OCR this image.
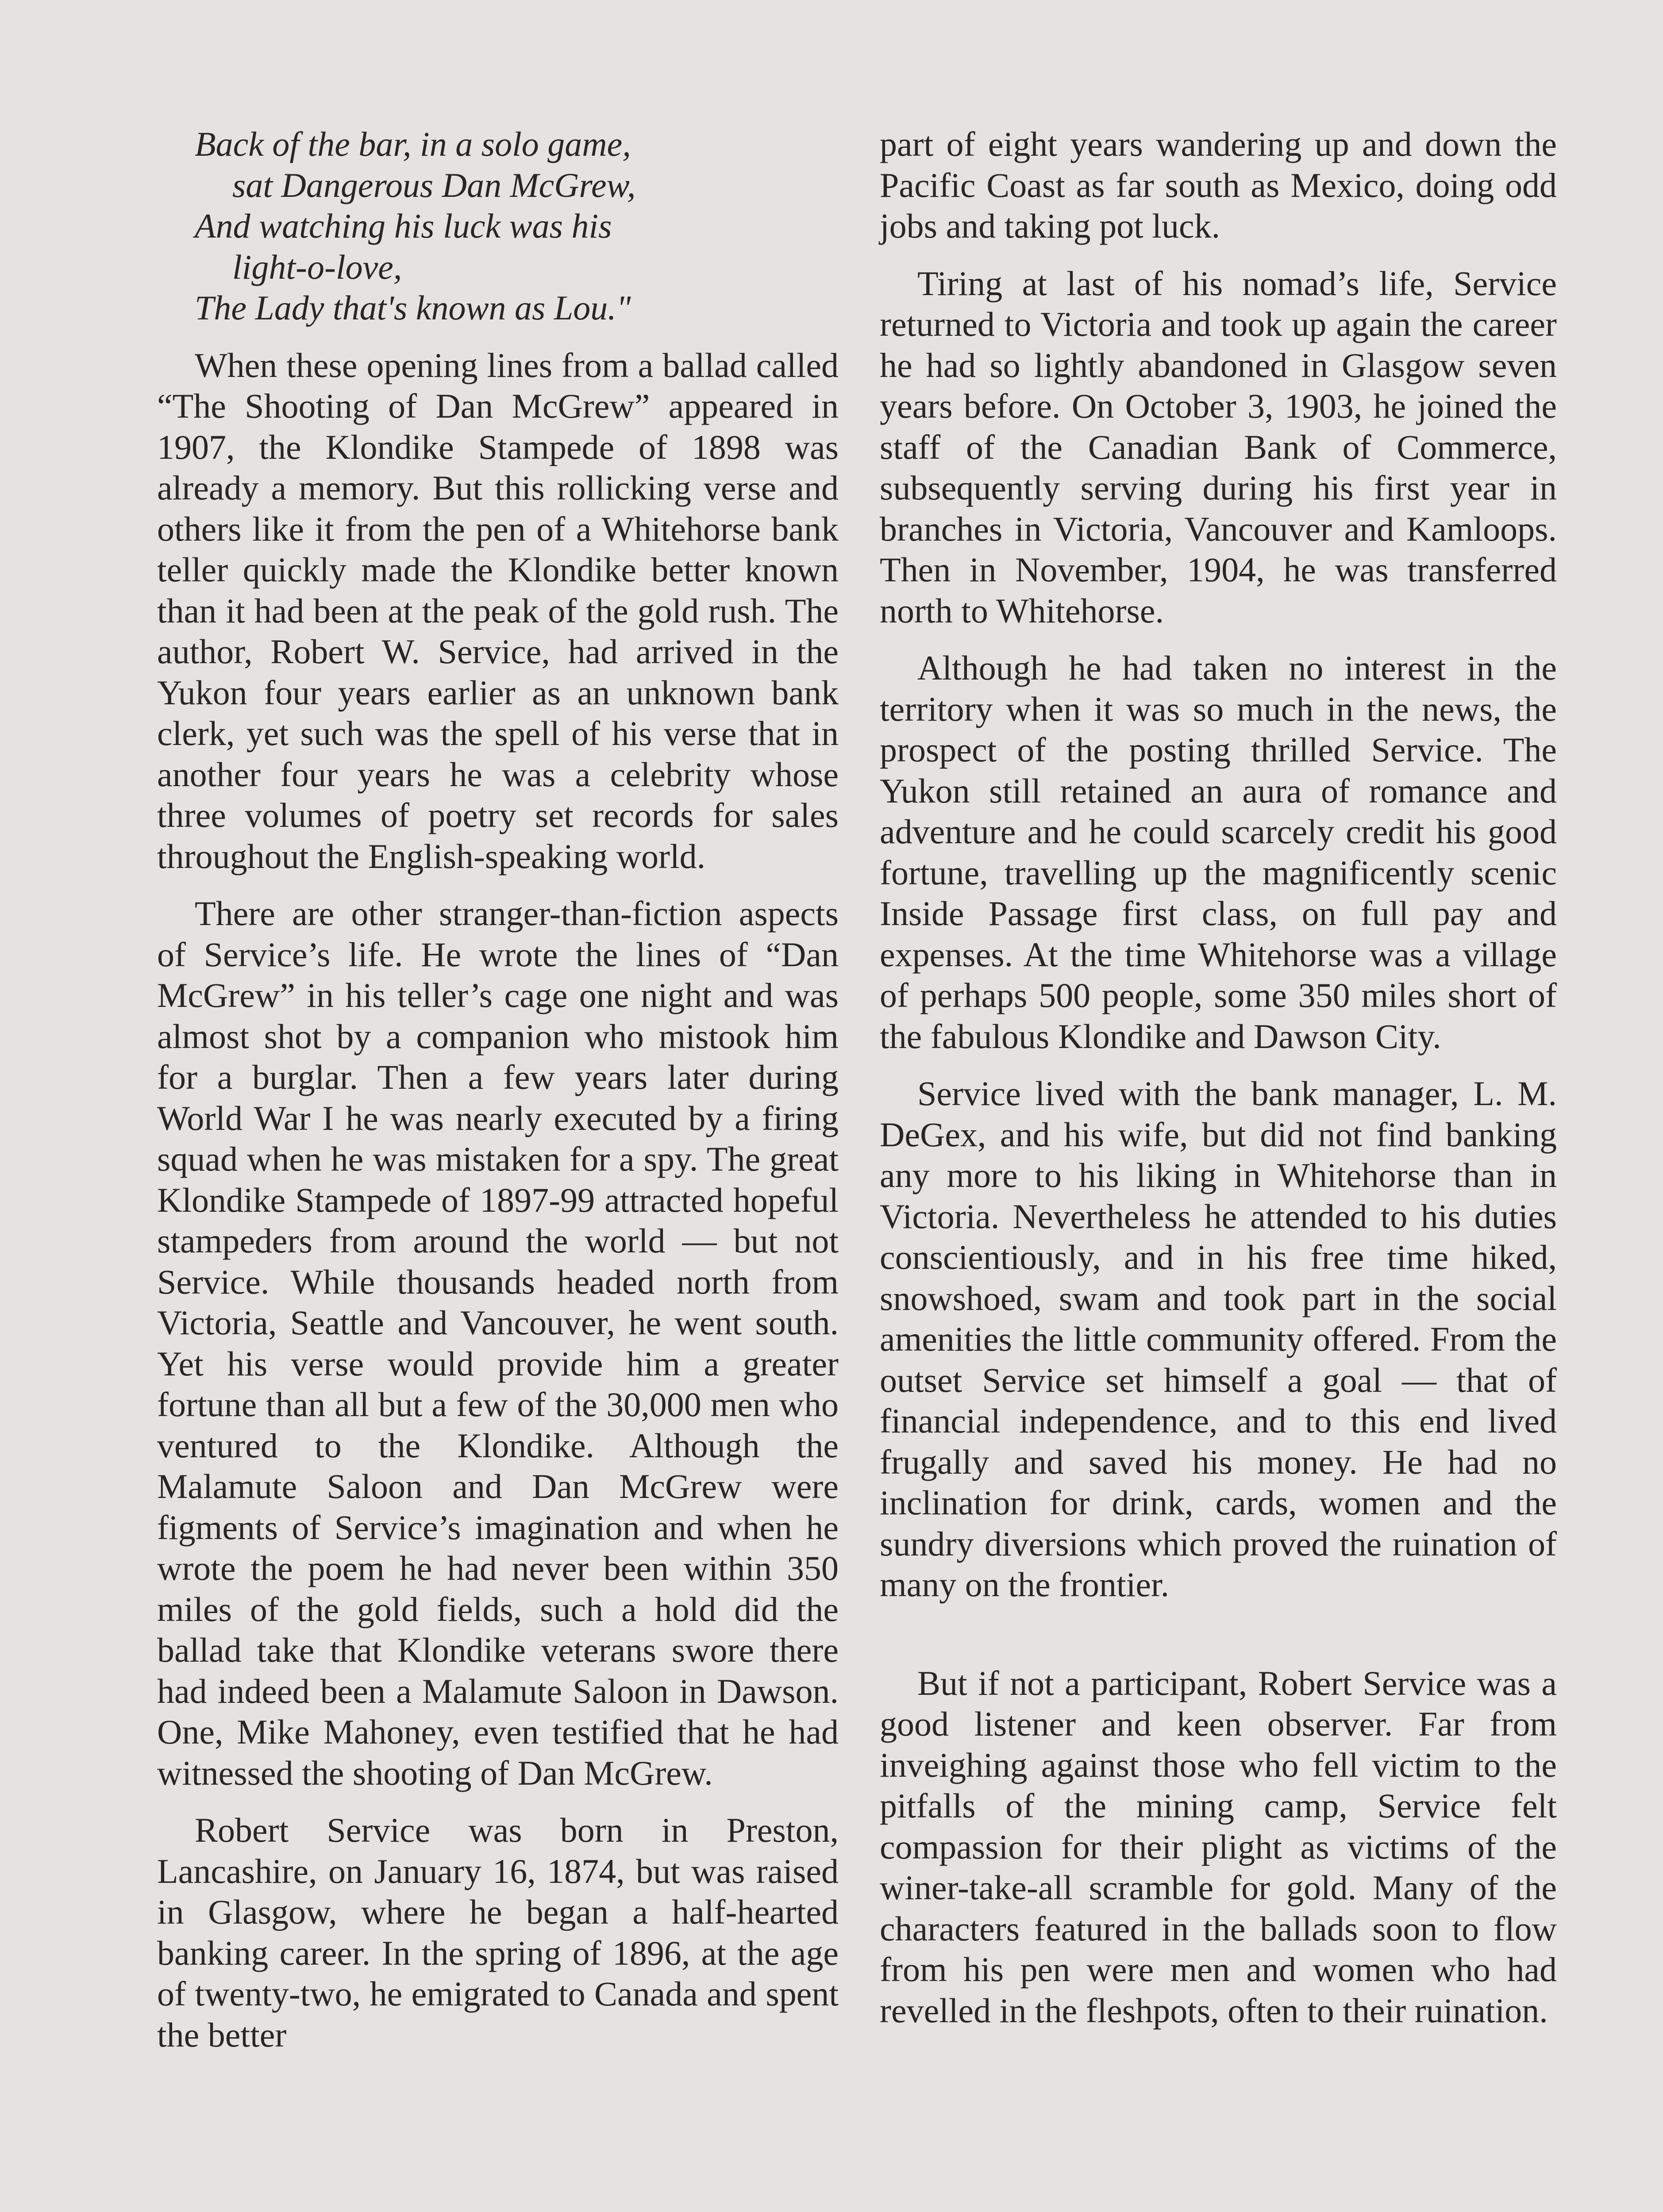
Back of the bar, in a solo game,
sat Dangerous Dan McGrew,
And watching his luck was his
light-o-love,
The Lady that's known as Lou."

When these opening lines from a ballad called “The Shooting of Dan McGrew” appeared in 1907, the Klondike Stampede of 1898 was already a memory. But this rollicking verse and others like it from the pen of a Whitehorse bank teller quickly made the Klondike better known than it had been at the peak of the gold rush. The author, Robert W. Service, had arrived in the Yukon four years earlier as an unknown bank clerk, yet such was the spell of his verse that in another four years he was a celebrity whose three volumes of poetry set records for sales throughout the English-speaking world.

There are other stranger-than-fiction aspects of Service’s life. He wrote the lines of “Dan McGrew” in his teller’s cage one night and was almost shot by a companion who mistook him for a burglar. Then a few years later during World War I he was nearly executed by a firing squad when he was mistaken for a spy. The great Klondike Stampede of 1897-99 attracted hopeful stampeders from around the world — but not Service. While thousands headed north from Victoria, Seattle and Vancouver, he went south. Yet his verse would provide him a greater fortune than all but a few of the 30,000 men who ventured to the Klondike. Although the Malamute Saloon and Dan McGrew were figments of Service’s imagination and when he wrote the poem he had never been within 350 miles of the gold fields, such a hold did the ballad take that Klondike veterans swore there had indeed been a Malamute Saloon in Dawson. One, Mike Mahoney, even testified that he had witnessed the shooting of Dan McGrew.

Robert Service was born in Preston, Lancashire, on January 16, 1874, but was raised in Glasgow, where he began a half-hearted banking career. In the spring of 1896, at the age of twenty-two, he emigrated to Canada and spent the better

part of eight years wandering up and down the Pacific Coast as far south as Mexico, doing odd jobs and taking pot luck.

Tiring at last of his nomad’s life, Service returned to Victoria and took up again the career he had so lightly abandoned in Glasgow seven years before. On October 3, 1903, he joined the staff of the Canadian Bank of Commerce, subsequently serving during his first year in branches in Victoria, Vancouver and Kamloops. Then in November, 1904, he was transferred north to Whitehorse.

Although he had taken no interest in the territory when it was so much in the news, the prospect of the posting thrilled Service. The Yukon still retained an aura of romance and adventure and he could scarcely credit his good fortune, travelling up the magnificently scenic Inside Passage first class, on full pay and expenses. At the time Whitehorse was a village of perhaps 500 people, some 350 miles short of the fabulous Klondike and Dawson City.

Service lived with the bank manager, L. M. DeGex, and his wife, but did not find banking any more to his liking in Whitehorse than in Victoria. Nevertheless he attended to his duties conscientiously, and in his free time hiked, snowshoed, swam and took part in the social amenities the little community offered. From the outset Service set himself a goal — that of financial independence, and to this end lived frugally and saved his money. He had no inclination for drink, cards, women and the sundry diversions which proved the ruination of many on the frontier.

But if not a participant, Robert Service was a good listener and keen observer. Far from inveighing against those who fell victim to the pitfalls of the mining camp, Service felt compassion for their plight as victims of the winer-take-all scramble for gold. Many of the characters featured in the ballads soon to flow from his pen were men and women who had revelled in the fleshpots, often to their ruination.
